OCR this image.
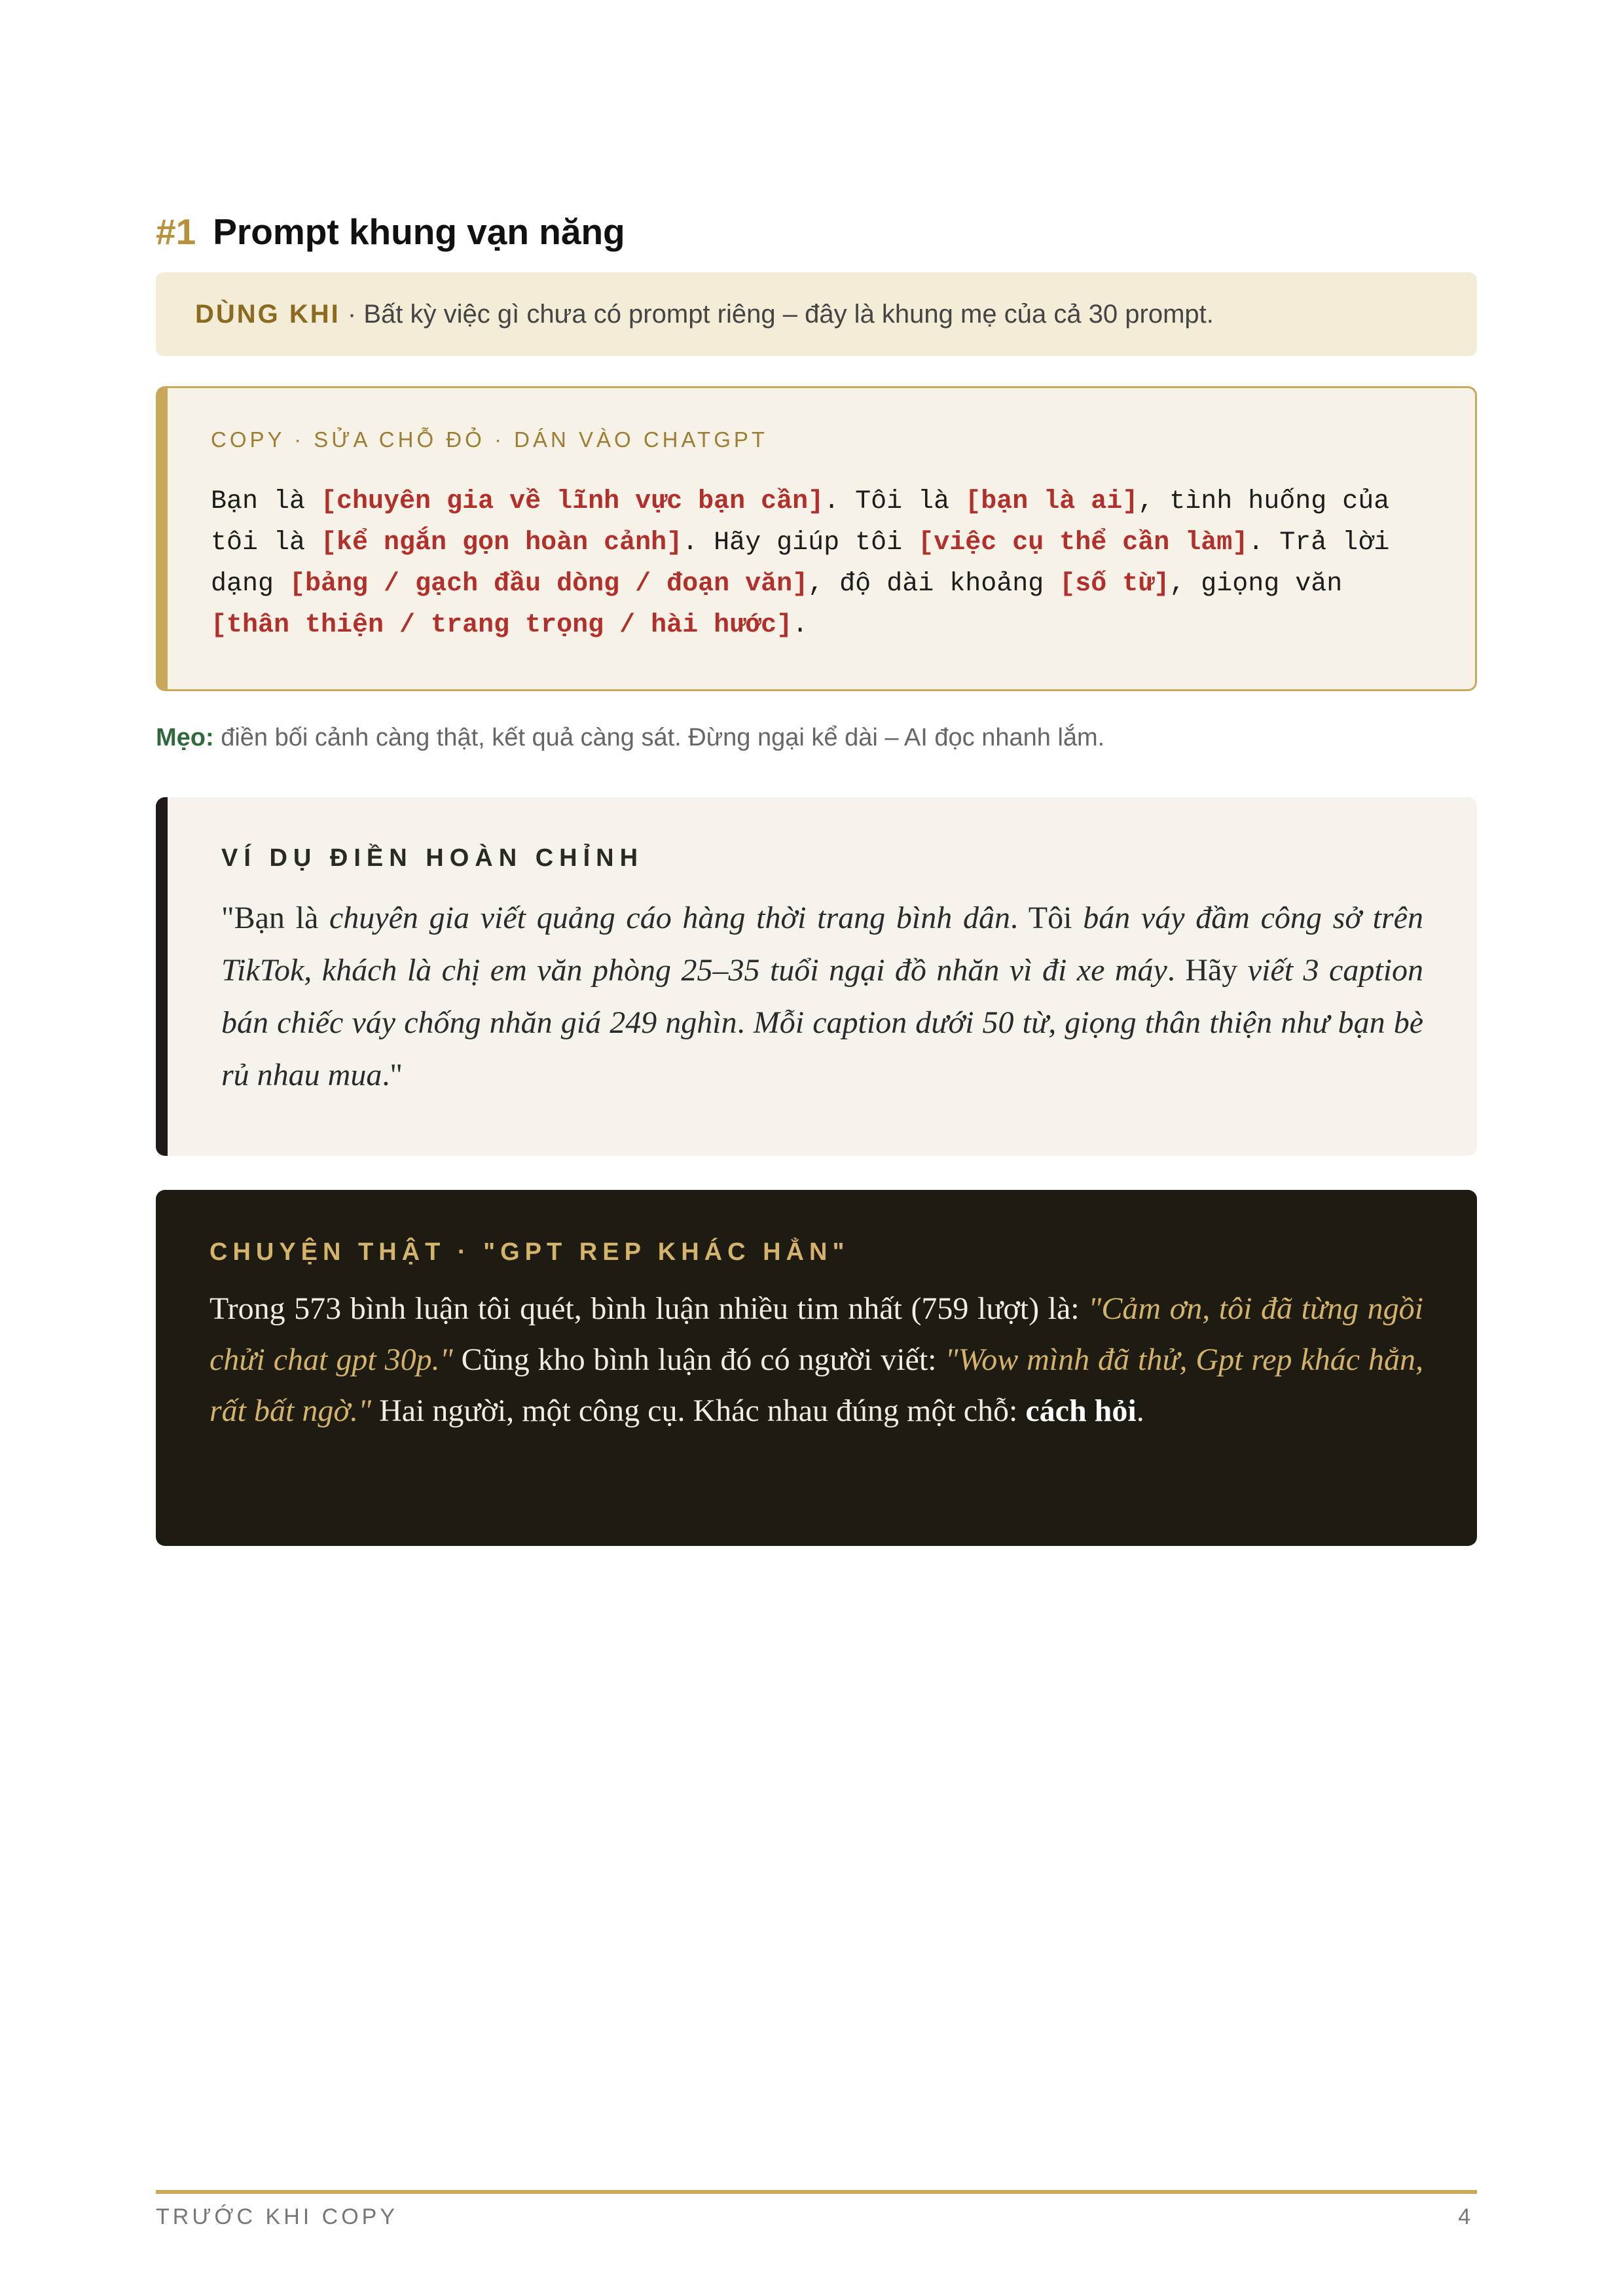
#1 Prompt khung vạn năng
DÙNG KHI · Bất kỳ việc gì chưa có prompt riêng – đây là khung mẹ của cả 30 prompt.
COPY · SỬA CHỖ ĐỎ · DÁN VÀO CHATGPT
Bạn là [chuyên gia về lĩnh vực bạn cần]. Tôi là [bạn là ai], tình huống của tôi là [kể ngắn gọn hoàn cảnh]. Hãy giúp tôi [việc cụ thể cần làm]. Trả lời dạng [bảng / gạch đầu dòng / đoạn văn], độ dài khoảng [số từ], giọng văn [thân thiện / trang trọng / hài hước].
Mẹo: điền bối cảnh càng thật, kết quả càng sát. Đừng ngại kể dài – AI đọc nhanh lắm.
VÍ DỤ ĐIỀN HOÀN CHỈNH
"Bạn là chuyên gia viết quảng cáo hàng thời trang bình dân. Tôi bán váy đầm công sở trên TikTok, khách là chị em văn phòng 25–35 tuổi ngại đồ nhăn vì đi xe máy. Hãy viết 3 caption bán chiếc váy chống nhăn giá 249 nghìn. Mỗi caption dưới 50 từ, giọng thân thiện như bạn bè rủ nhau mua."
CHUYỆN THẬT · "GPT REP KHÁC HẲN"
Trong 573 bình luận tôi quét, bình luận nhiều tim nhất (759 lượt) là: "Cảm ơn, tôi đã từng ngồi chửi chat gpt 30p." Cũng kho bình luận đó có người viết: "Wow mình đã thử, Gpt rep khác hẳn, rất bất ngờ." Hai người, một công cụ. Khác nhau đúng một chỗ: cách hỏi.
TRƯỚC KHI COPY	4
